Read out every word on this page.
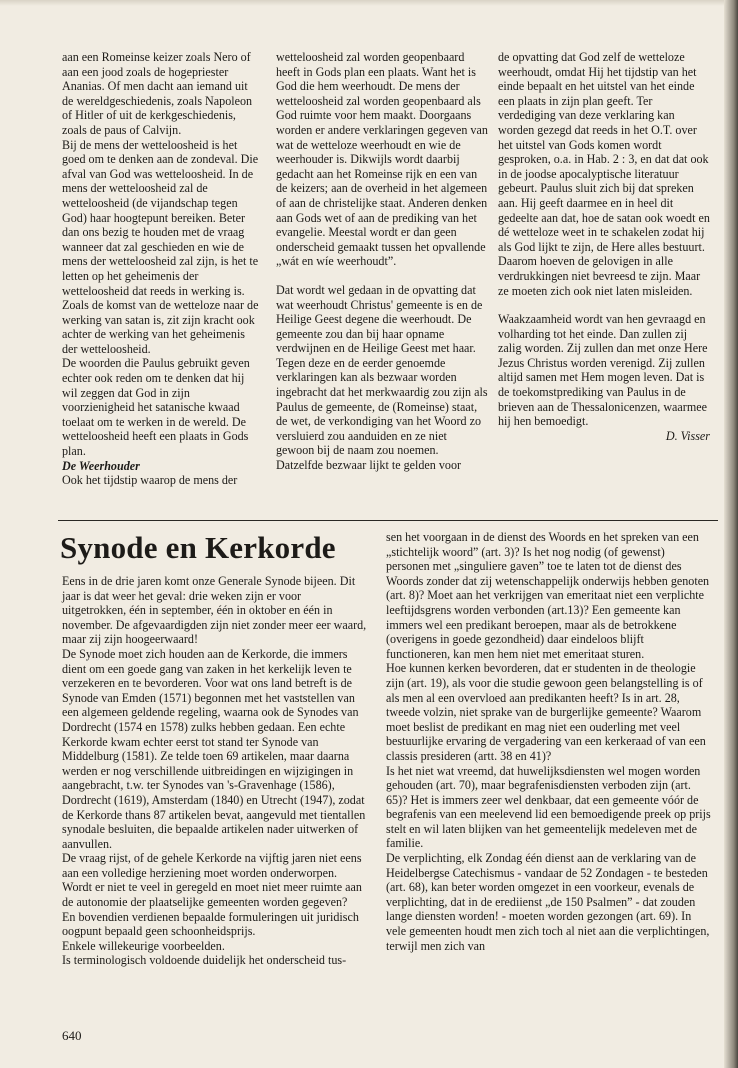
aan een Romeinse keizer zoals Nero of aan een jood zoals de hogepriester Ananias. Of men dacht aan iemand uit de wereldgeschiedenis, zoals Napoleon of Hitler of uit de kerkgeschiedenis, zoals de paus of Calvijn.

Bij de mens der wetteloosheid is het goed om te denken aan de zondeval. Die afval van God was wetteloosheid. In de mens der wetteloosheid zal de wetteloosheid (de vijandschap tegen God) haar hoogtepunt bereiken. Beter dan ons bezig te houden met de vraag wanneer dat zal geschieden en wie de mens der wetteloosheid zal zijn, is het te letten op het geheimenis der wetteloosheid dat reeds in werking is. Zoals de komst van de wetteloze naar de werking van satan is, zit zijn kracht ook achter de werking van het geheimenis der wetteloosheid.

De woorden die Paulus gebruikt geven echter ook reden om te denken dat hij wil zeggen dat God in zijn voorzienigheid het satanische kwaad toelaat om te werken in de wereld. De wetteloosheid heeft een plaats in Gods plan.

De Weerhouder

Ook het tijdstip waarop de mens der

wetteloosheid zal worden geopenbaard heeft in Gods plan een plaats. Want het is God die hem weerhoudt. De mens der wetteloosheid zal worden geopenbaard als God ruimte voor hem maakt. Doorgaans worden er andere verklaringen gegeven van wat de wetteloze weerhoudt en wie de weerhouder is. Dikwijls wordt daarbij gedacht aan het Romeinse rijk en een van de keizers; aan de overheid in het algemeen of aan de christelijke staat. Anderen denken aan Gods wet of aan de prediking van het evangelie. Meestal wordt er dan geen onderscheid gemaakt tussen het opvallende „wát en wíe weerhoudt”.

Dat wordt wel gedaan in de opvatting dat wat weerhoudt Christus' gemeente is en de Heilige Geest degene die weerhoudt. De gemeente zou dan bij haar opname verdwijnen en de Heilige Geest met haar. Tegen deze en de eerder genoemde verklaringen kan als bezwaar worden ingebracht dat het merkwaardig zou zijn als Paulus de gemeente, de (Romeinse) staat, de wet, de verkondiging van het Woord zo versluierd zou aanduiden en ze niet gewoon bij de naam zou noemen.

Datzelfde bezwaar lijkt te gelden voor

de opvatting dat God zelf de wetteloze weerhoudt, omdat Hij het tijdstip van het einde bepaalt en het uitstel van het einde een plaats in zijn plan geeft. Ter verdediging van deze verklaring kan worden gezegd dat reeds in het O.T. over het uitstel van Gods komen wordt gesproken, o.a. in Hab. 2 : 3, en dat dat ook in de joodse apocalyptische literatuur gebeurt. Paulus sluit zich bij dat spreken aan. Hij geeft daarmee en in heel dit gedeelte aan dat, hoe de satan ook woedt en dé wetteloze weet in te schakelen zodat hij als God lijkt te zijn, de Here alles bestuurt.

Daarom hoeven de gelovigen in alle verdrukkingen niet bevreesd te zijn. Maar ze moeten zich ook niet laten misleiden.

Waakzaamheid wordt van hen gevraagd en volharding tot het einde. Dan zullen zij zalig worden. Zij zullen dan met onze Here Jezus Christus worden verenigd. Zij zullen altijd samen met Hem mogen leven. Dat is de toekomstprediking van Paulus in de brieven aan de Thessalonicenzen, waarmee hij hen bemoedigt.

D. Visser

Synode en Kerkorde

Eens in de drie jaren komt onze Generale Synode bijeen. Dit jaar is dat weer het geval: drie weken zijn er voor uitgetrokken, één in september, één in oktober en één in november. De afgevaardigden zijn niet zonder meer eer waard, maar zij zijn hoogeerwaard!

De Synode moet zich houden aan de Kerkorde, die immers dient om een goede gang van zaken in het kerkelijk leven te verzekeren en te bevorderen. Voor wat ons land betreft is de Synode van Emden (1571) begonnen met het vaststellen van een algemeen geldende regeling, waarna ook de Synodes van Dordrecht (1574 en 1578) zulks hebben gedaan. Een echte Kerkorde kwam echter eerst tot stand ter Synode van Middelburg (1581). Ze telde toen 69 artikelen, maar daarna werden er nog verschillende uitbreidingen en wijzigingen in aangebracht, t.w. ter Synodes van 's-Gravenhage (1586), Dordrecht (1619), Amsterdam (1840) en Utrecht (1947), zodat de Kerkorde thans 87 artikelen bevat, aangevuld met tientallen synodale besluiten, die bepaalde artikelen nader uitwerken of aanvullen.

De vraag rijst, of de gehele Kerkorde na vijftig jaren niet eens aan een volledige herziening moet worden onderworpen. Wordt er niet te veel in geregeld en moet niet meer ruimte aan de autonomie der plaatselijke gemeenten worden gegeven?

En bovendien verdienen bepaalde formuleringen uit juridisch oogpunt bepaald geen schoonheidsprijs.

Enkele willekeurige voorbeelden.

Is terminologisch voldoende duidelijk het onderscheid tus-

sen het voorgaan in de dienst des Woords en het spreken van een „stichtelijk woord” (art. 3)? Is het nog nodig (of gewenst) personen met „singuliere gaven” toe te laten tot de dienst des Woords zonder dat zij wetenschappelijk onderwijs hebben genoten (art. 8)? Moet aan het verkrijgen van emeritaat niet een verplichte leeftijdsgrens worden verbonden (art.13)? Een gemeente kan immers wel een predikant beroepen, maar als de betrokkene (overigens in goede gezondheid) daar eindeloos blijft functioneren, kan men hem niet met emeritaat sturen.

Hoe kunnen kerken bevorderen, dat er studenten in de theologie zijn (art. 19), als voor die studie gewoon geen belangstelling is of als men al een overvloed aan predikanten heeft? Is in art. 28, tweede volzin, niet sprake van de burgerlijke gemeente? Waarom moet beslist de predikant en mag niet een ouderling met veel bestuurlijke ervaring de vergadering van een kerkeraad of van een classis presideren (artt. 38 en 41)?

Is het niet wat vreemd, dat huwelijksdiensten wel mogen worden gehouden (art. 70), maar begrafenisdiensten verboden zijn (art. 65)? Het is immers zeer wel denkbaar, dat een gemeente vóór de begrafenis van een meelevend lid een bemoedigende preek op prijs stelt en wil laten blijken van het gemeentelijk medeleven met de familie.

De verplichting, elk Zondag één dienst aan de verklaring van de Heidelbergse Catechismus - vandaar de 52 Zondagen - te besteden (art. 68), kan beter worden omgezet in een voorkeur, evenals de verplichting, dat in de erediienst „de 150 Psalmen” - dat zouden lange diensten worden! - moeten worden gezongen (art. 69). In vele gemeenten houdt men zich toch al niet aan die verplichtingen, terwijl men zich van

640
